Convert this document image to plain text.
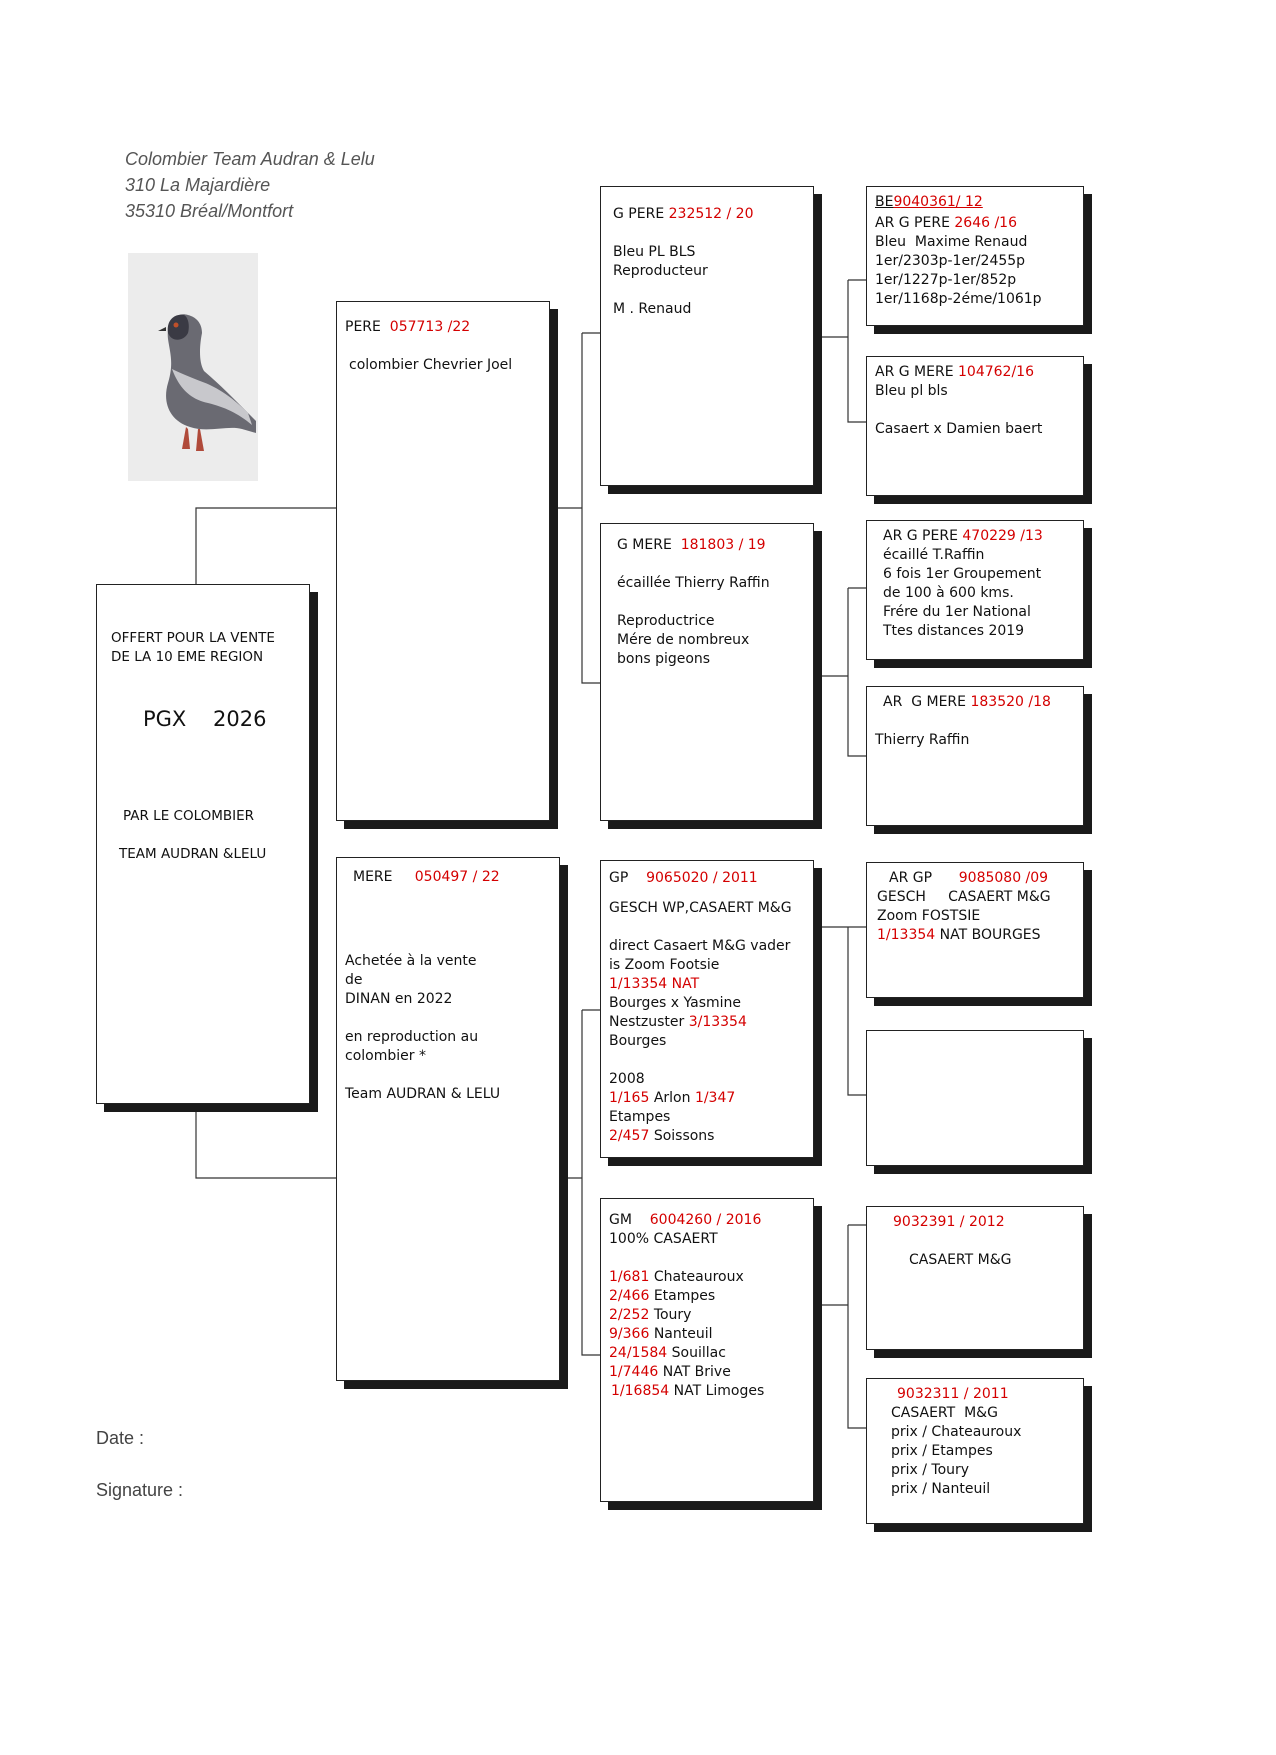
Colombier Team Audran & Lelu
310 La Majardière
35310 Bréal/Montfort
OFFERT POUR LA VENTE
DE LA 10 EME REGION
PGX    2026
PAR LE COLOMBIER
TEAM AUDRAN &LELU
PERE 057713 /22
colombier Chevrier Joel
MERE 050497 / 22
Achetée à la vente
de
DINAN en 2022
en reproduction au
colombier *
Team AUDRAN & LELU
G PERE 232512 / 20
Bleu PL BLS
Reproducteur
M . Renaud
G MERE 181803 / 19
écaillée Thierry Raffin
Reproductrice
Mére de nombreux
bons pigeons
GP 9065020 / 2011
GESCH WP,CASAERT M&G
direct Casaert M&G vader
is Zoom Footsie
1/13354 NAT
Bourges x Yasmine
Nestzuster 3/13354
Bourges
2008
1/165 Arlon 1/347
Etampes
2/457 Soissons
GM 6004260 / 2016
100% CASAERT
1/681 Chateauroux
2/466 Etampes
2/252 Toury
9/366 Nanteuil
24/1584 Souillac
1/7446 NAT Brive
1/16854 NAT Limoges
BE9040361/ 12
AR G PERE 2646 /16
Bleu  Maxime Renaud
1er/2303p-1er/2455p
1er/1227p-1er/852p
1er/1168p-2éme/1061p
AR G MERE 104762/16
Bleu pl bls
Casaert x Damien baert
AR G PERE 470229 /13
écaillé T.Raffin
6 fois 1er Groupement
de 100 à 600 kms.
Frére du 1er National
Ttes distances 2019
AR  G MERE 183520 /18
Thierry Raffin
AR GP 9085080 /09
GESCH     CASAERT M&G
Zoom FOSTSIE
1/13354 NAT BOURGES
9032391 / 2012
CASAERT M&G
9032311 / 2011
CASAERT  M&G
prix / Chateauroux
prix / Etampes
prix / Toury
prix / Nanteuil
Date :
Signature :
